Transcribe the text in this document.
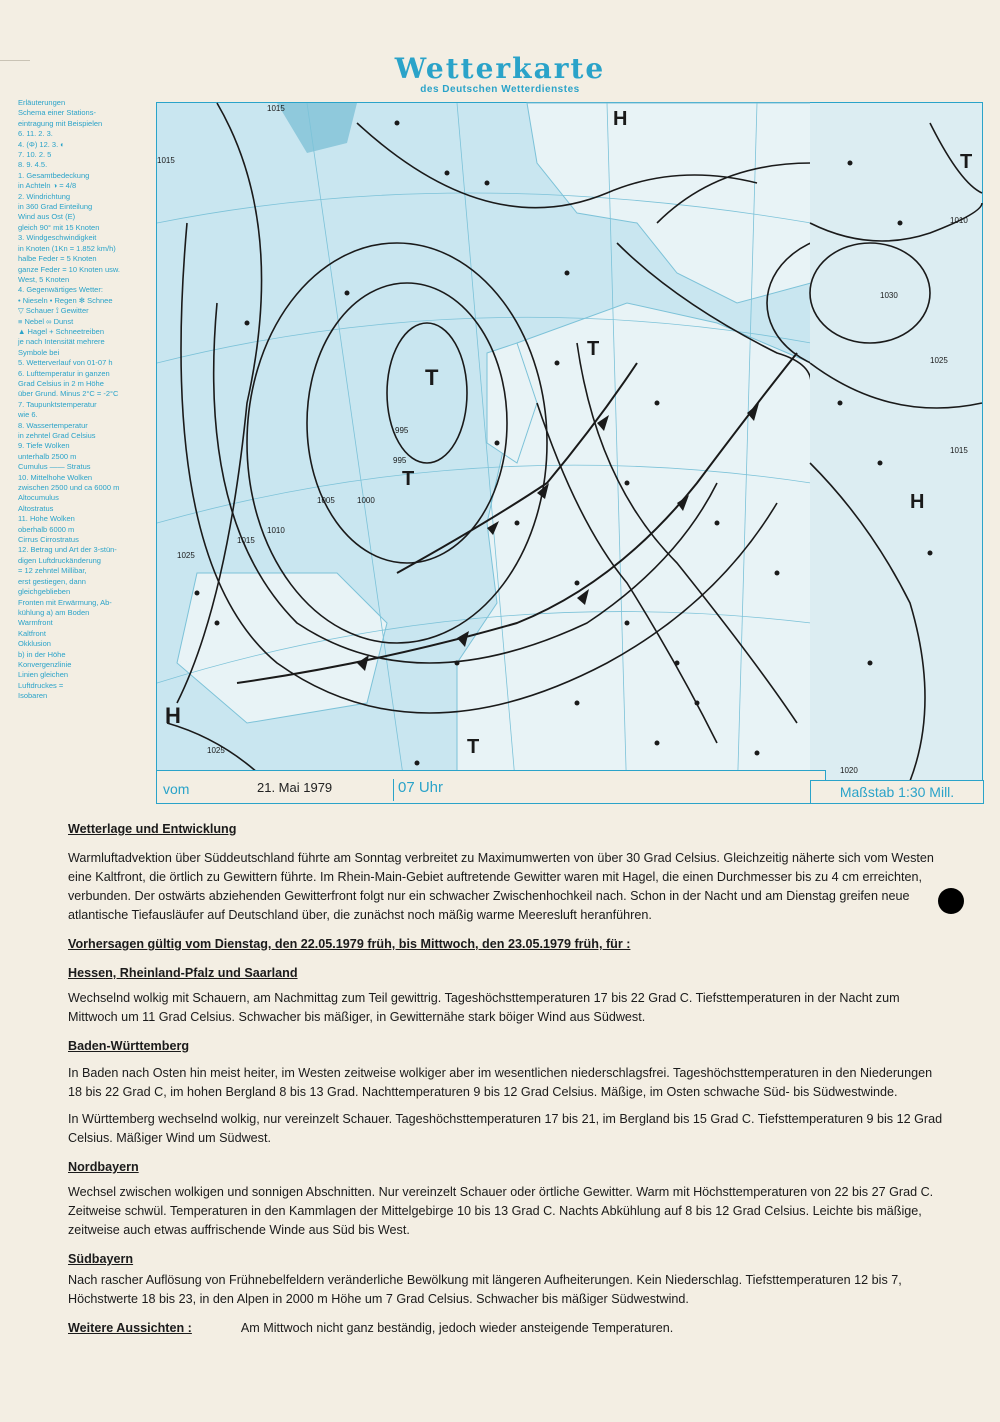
Wetterkarte
des Deutschen Wetterdienstes
Erläuterungen
Schema einer Stations-
eintragung mit Beispielen
6. 11. 2. 3.
4. (Φ) 12. 3. ◐
7. 10. 2. 5
8. 9. 4.5.
1. Gesamtbedeckung
in Achteln ◑ = 4/8
2. Windrichtung
in 360 Grad Einteilung
Wind aus Ost (E)
gleich 90° mit 15 Knoten
3. Windgeschwindigkeit
in Knoten (1Kn = 1.852 km/h)
halbe Feder = 5 Knoten
ganze Feder = 10 Knoten usw.
West, 5 Knoten
4. Gegenwärtiges Wetter:
• Nieseln • Regen ✻ Schnee
▽ Schauer ⟟ Gewitter
≡ Nebel ∞ Dunst
▲ Hagel + Schneetreiben
je nach Intensität mehrere
Symbole bei
5. Wetterverlauf von 01-07 h
6. Lufttemperatur in ganzen
Grad Celsius in 2 m Höhe
über Grund. Minus 2°C = -2°C
7. Taupunktstemperatur
wie 6.
8. Wassertemperatur
in zehntel Grad Celsius
9. Tiefe Wolken
unterhalb 2500 m
Cumulus —— Stratus
10. Mittelhohe Wolken
zwischen 2500 und ca 6000 m
Altocumulus
Altostratus
11. Hohe Wolken
oberhalb 6000 m
Cirrus Cirrostratus
12. Betrag und Art der 3-stün-
digen Luftdruckänderung
= 12 zehntel Millibar,
erst gestiegen, dann
gleichgeblieben
Fronten mit Erwärmung, Ab-
kühlung a) am Boden
Warmfront
Kaltfront
Okklusion
b) in der Höhe
Konvergenzlinie
Linien gleichen
Luftdruckes =
Isobaren
H
T
T
T
H
T
1015
1015
995
995
1000
1005
1010
1015
1025
1025
T
H
1030
1025
1015
1010
1020
vom	21. Mai 1979	07 Uhr	Maßstab 1:30 Mill.
Wetterlage und Entwicklung

Warmluftadvektion über Süddeutschland führte am Sonntag verbreitet zu Maximumwerten von über 30 Grad Celsius. Gleichzeitig näherte sich vom Westen eine Kaltfront, die örtlich zu Gewittern führte. Im Rhein-Main-Gebiet auftretende Gewitter waren mit Hagel, die einen Durchmesser bis zu 4 cm erreichten, verbunden. Der ostwärts abziehenden Gewitterfront folgt nur ein schwacher Zwischenhochkeil nach. Schon in der Nacht und am Dienstag greifen neue atlantische Tiefausläufer auf Deutschland über, die zunächst noch mäßig warme Meeresluft heranführen.

Vorhersagen gültig vom Dienstag, den 22.05.1979 früh, bis Mittwoch, den 23.05.1979 früh, für :
Hessen, Rheinland-Pfalz und Saarland

Wechselnd wolkig mit Schauern, am Nachmittag zum Teil gewittrig. Tageshöchsttemperaturen 17 bis 22 Grad C. Tiefsttemperaturen in der Nacht zum Mittwoch um 11 Grad Celsius. Schwacher bis mäßiger, in Gewitternähe stark böiger Wind aus Südwest.

Baden-Württemberg

In Baden nach Osten hin meist heiter, im Westen zeitweise wolkiger aber im wesentlichen niederschlagsfrei. Tageshöchsttemperaturen in den Niederungen 18 bis 22 Grad C, im hohen Bergland 8 bis 13 Grad. Nachttemperaturen 9 bis 12 Grad Celsius. Mäßige, im Osten schwache Süd- bis Südwestwinde.

In Württemberg wechselnd wolkig, nur vereinzelt Schauer. Tageshöchsttemperaturen 17 bis 21, im Bergland bis 15 Grad C. Tiefsttemperaturen 9 bis 12 Grad Celsius. Mäßiger Wind um Südwest.

Nordbayern

Wechsel zwischen wolkigen und sonnigen Abschnitten. Nur vereinzelt Schauer oder örtliche Gewitter. Warm mit Höchsttemperaturen von 22 bis 27 Grad C. Zeitweise schwül. Temperaturen in den Kammlagen der Mittelgebirge 10 bis 13 Grad C. Nachts Abkühlung auf 8 bis 12 Grad Celsius. Leichte bis mäßige, zeitweise auch etwas auffrischende Winde aus Süd bis West.

Südbayern

Nach rascher Auflösung von Frühnebelfeldern veränderliche Bewölkung mit längeren Aufheiterungen. Kein Niederschlag. Tiefsttemperaturen 12 bis 7, Höchstwerte 18 bis 23, in den Alpen in 2000 m Höhe um 7 Grad Celsius. Schwacher bis mäßiger Südwestwind.

Weitere Aussichten :	Am Mittwoch nicht ganz beständig, jedoch wieder ansteigende Temperaturen.
